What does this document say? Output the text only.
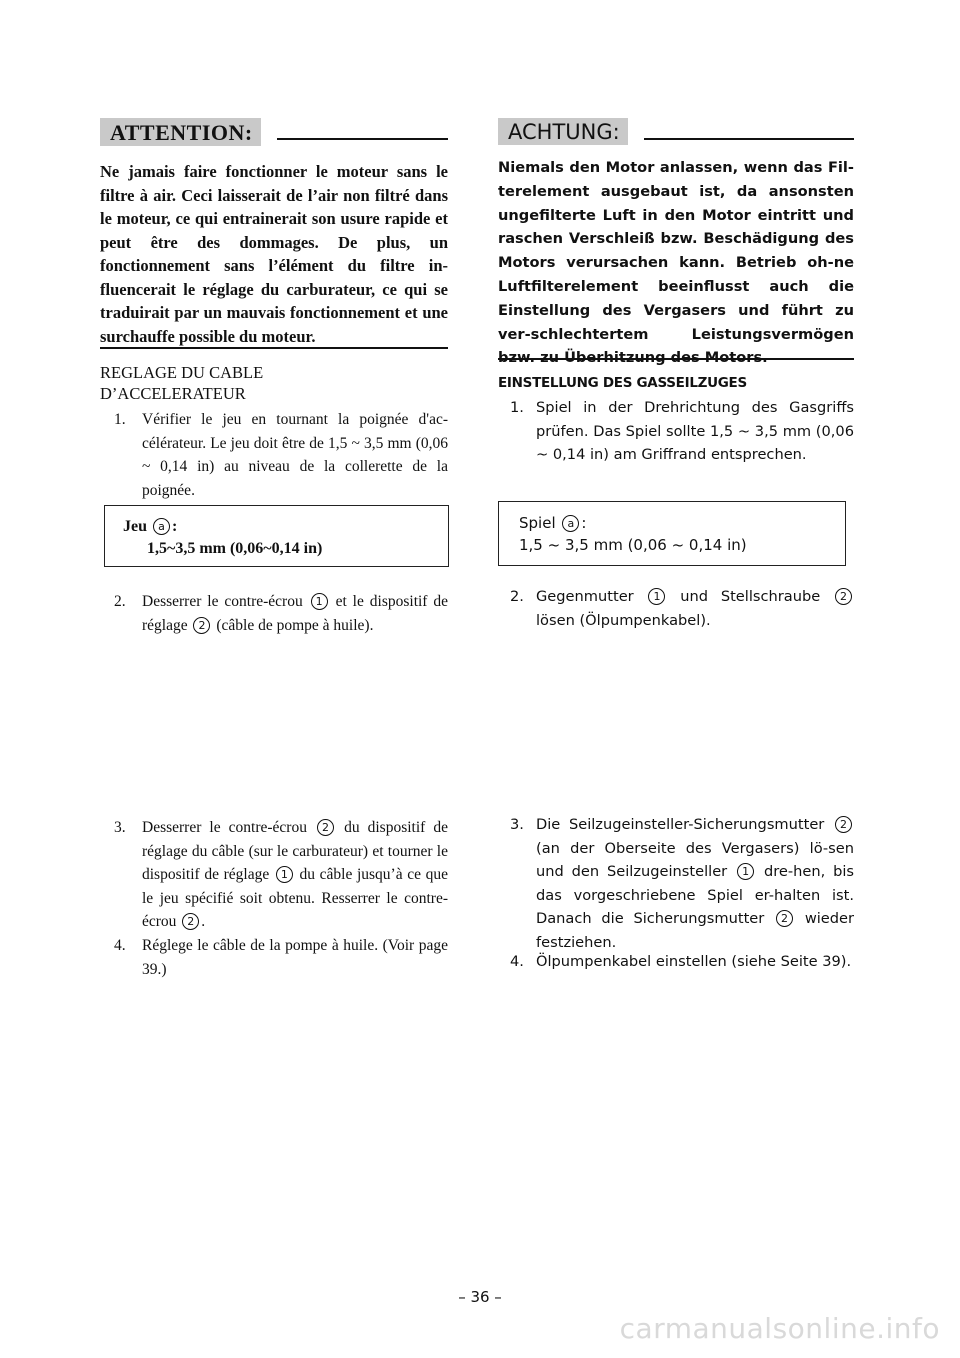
ATTENTION:
Ne jamais faire fonctionner le moteur sans le filtre à air. Ceci laisserait de l’air non filtré dans le moteur, ce qui entrainerait son usure rapide et peut être des dommages. De plus, un fonctionnement sans l’élément du filtre in-fluencerait le réglage du carburateur, ce qui se traduirait par un mauvais fonctionnement et une surchauffe possible du moteur.
REGLAGE DU CABLE D’ACCELERATEUR
1.	Vérifier le jeu en tournant la poignée d'ac-célérateur. Le jeu doit être de 1,5 ~ 3,5 mm (0,06 ~ 0,14 in) au niveau de la collerette de la poignée.
Jeu a :
1,5~3,5 mm (0,06~0,14 in)
2.	Desserrer le contre-écrou 1 et le dispositif de réglage 2 (câble de pompe à huile).
3.	Desserrer le contre-écrou 2 du dispositif de réglage du câble (sur le carburateur) et tourner le dispositif de réglage 1 du câble jusqu’à ce que le jeu spécifié soit obtenu. Resserrer le contre-écrou 2 .
4.	Réglege le câble de la pompe à huile. (Voir page 39.)
ACHTUNG:
Niemals den Motor anlassen, wenn das Fil-terelement ausgebaut ist, da ansonsten ungefilterte Luft in den Motor eintritt und raschen Verschleiß bzw. Beschädigung des Motors verursachen kann. Betrieb oh-ne Luftfilterelement beeinflusst auch die Einstellung des Vergasers und führt zu ver-schlechtertem Leistungsvermögen bzw. zu Überhitzung des Motors.
EINSTELLUNG DES GASSEILZUGES
1. Spiel in der Drehrichtung des Gasgriffs prüfen. Das Spiel sollte 1,5 ~ 3,5 mm (0,06 ~ 0,14 in) am Griffrand entsprechen.
Spiel a :
1,5 ~ 3,5 mm (0,06 ~ 0,14 in)
2. Gegenmutter 1 und Stellschraube 2 lösen (Ölpumpenkabel).
3. Die Seilzugeinsteller-Sicherungsmutter 2 (an der Oberseite des Vergasers) lö-sen und den Seilzugeinsteller 1 dre-hen, bis das vorgeschriebene Spiel er-halten ist. Danach die Sicherungsmutter 2 wieder festziehen.
4. Ölpumpenkabel einstellen (siehe Seite 39).
– 36 –
carmanualsonline.info
